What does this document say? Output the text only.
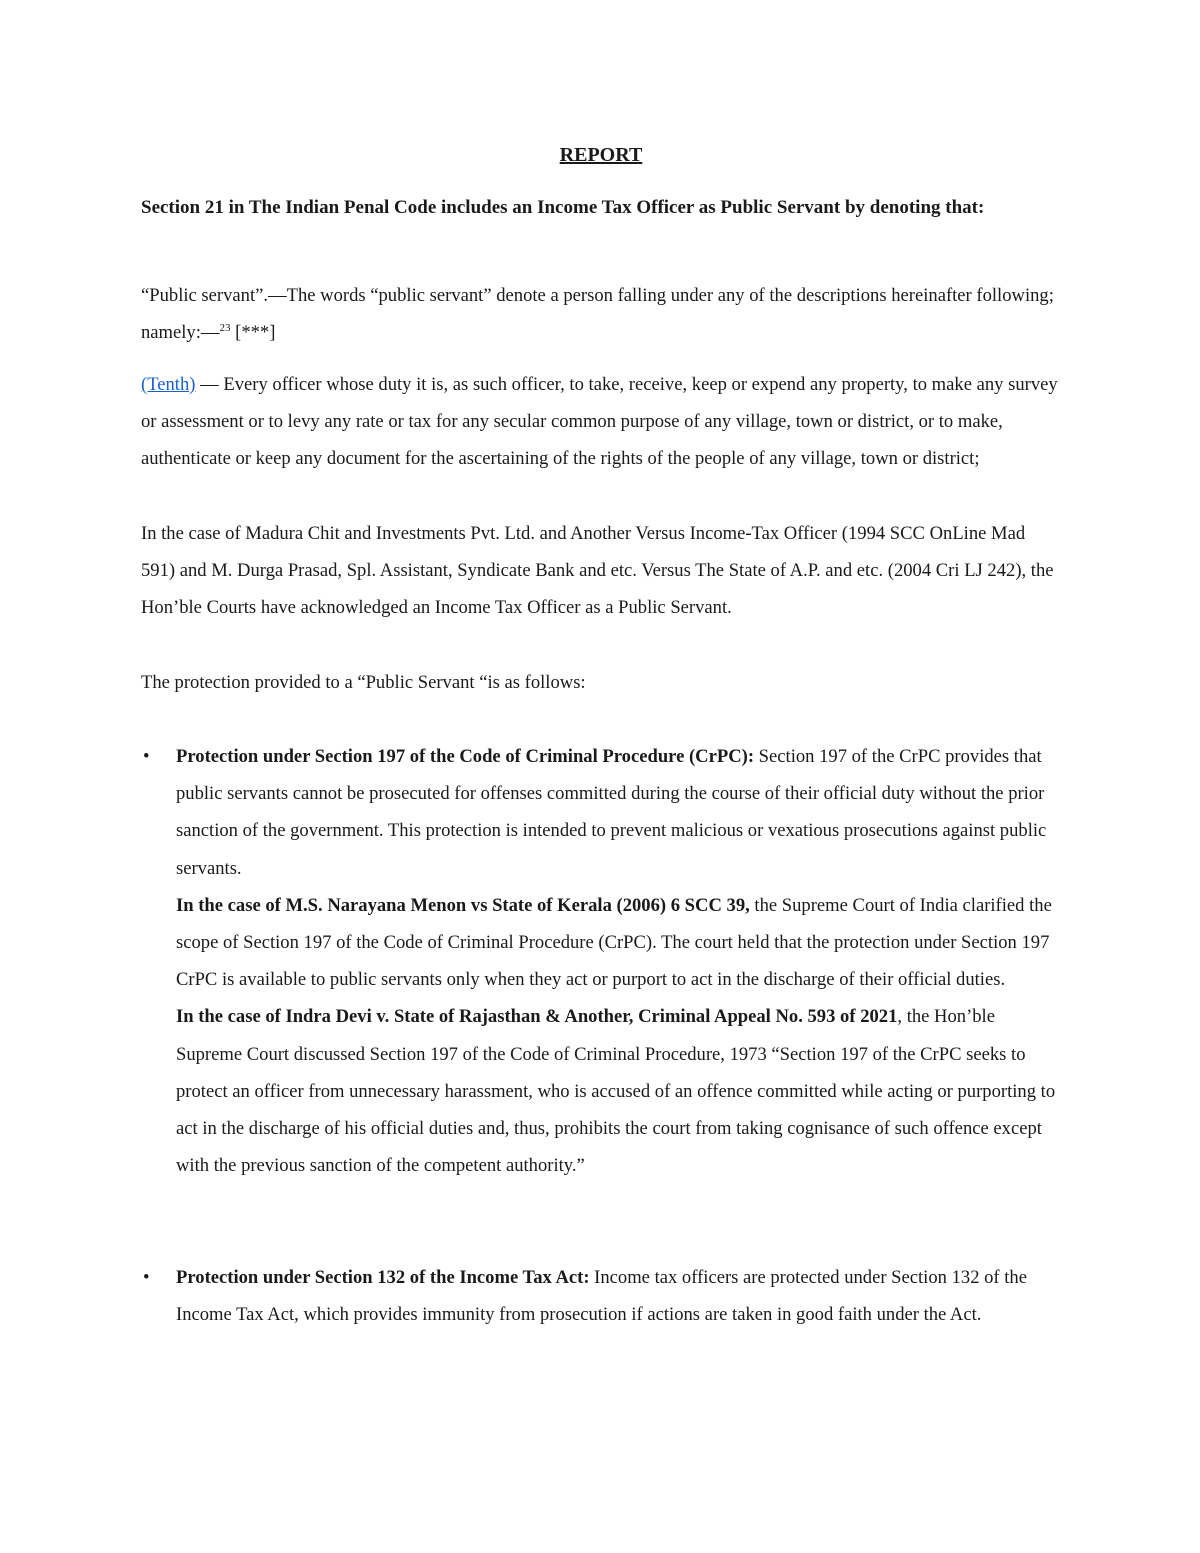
REPORT
Section 21 in The Indian Penal Code includes an Income Tax Officer as Public Servant by denoting that:
“Public servant”.—The words “public servant” denote a person falling under any of the descriptions hereinafter following; namely:—$^{23}$ [***]
(Tenth) — Every officer whose duty it is, as such officer, to take, receive, keep or expend any property, to make any survey or assessment or to levy any rate or tax for any secular common purpose of any village, town or district, or to make, authenticate or keep any document for the ascertaining of the rights of the people of any village, town or district;
In the case of Madura Chit and Investments Pvt. Ltd. and Another Versus Income-Tax Officer (1994 SCC OnLine Mad 591) and M. Durga Prasad, Spl. Assistant, Syndicate Bank and etc. Versus The State of A.P. and etc. (2004 Cri LJ 242), the Hon’ble Courts have acknowledged an Income Tax Officer as a Public Servant.
The protection provided to a “Public Servant “is as follows:
• Protection under Section 197 of the Code of Criminal Procedure (CrPC): Section 197 of the CrPC provides that public servants cannot be prosecuted for offenses committed during the course of their official duty without the prior sanction of the government. This protection is intended to prevent malicious or vexatious prosecutions against public servants.
In the case of M.S. Narayana Menon vs State of Kerala (2006) 6 SCC 39, the Supreme Court of India clarified the scope of Section 197 of the Code of Criminal Procedure (CrPC). The court held that the protection under Section 197 CrPC is available to public servants only when they act or purport to act in the discharge of their official duties.
In the case of Indra Devi v. State of Rajasthan & Another, Criminal Appeal No. 593 of 2021, the Hon’ble Supreme Court discussed Section 197 of the Code of Criminal Procedure, 1973 “Section 197 of the CrPC seeks to protect an officer from unnecessary harassment, who is accused of an offence committed while acting or purporting to act in the discharge of his official duties and, thus, prohibits the court from taking cognisance of such offence except with the previous sanction of the competent authority.”
• Protection under Section 132 of the Income Tax Act: Income tax officers are protected under Section 132 of the Income Tax Act, which provides immunity from prosecution if actions are taken in good faith under the Act.
